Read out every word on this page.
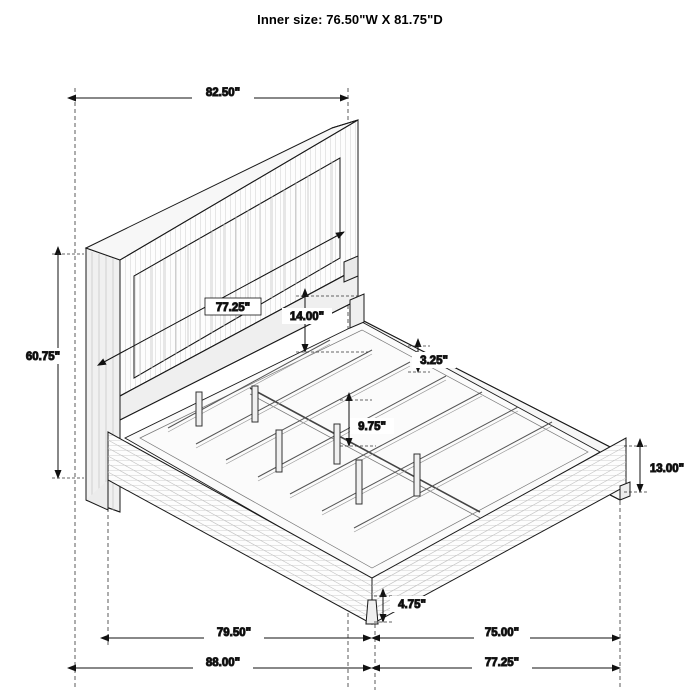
Inner size: 76.50"W X 81.75"D
82.50"
60.75"
77.25"
14.00"
3.25"
9.75"
13.00"
4.75"
79.50"	75.00"
88.00"	77.25"
